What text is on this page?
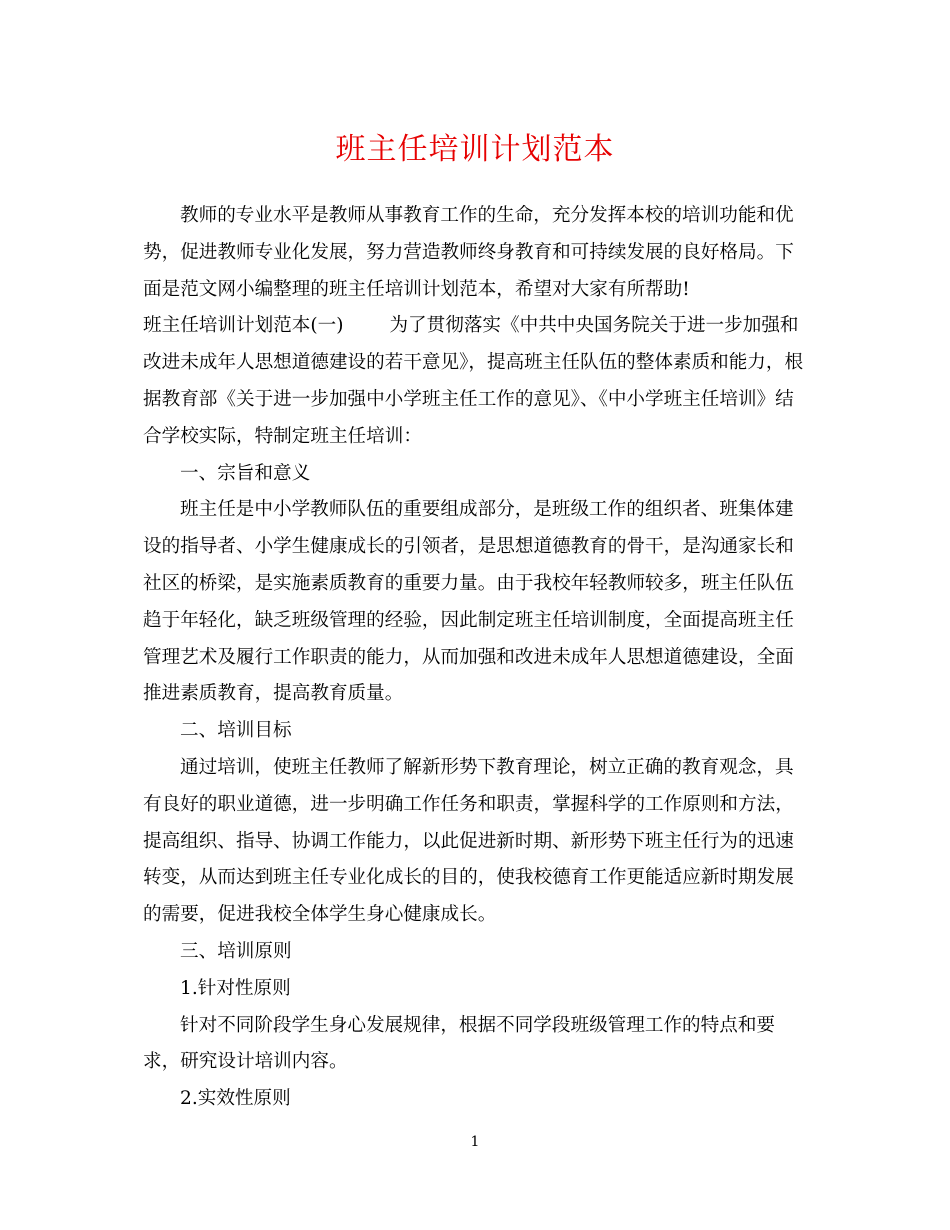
班主任培训计划范本

教师的专业水平是教师从事教育工作的生命，充分发挥本校的培训功能和优势，促进教师专业化发展，努力营造教师终身教育和可持续发展的良好格局。下面是范文网小编整理的班主任培训计划范本，希望对大家有所帮助!

班主任培训计划范本(一) 为了贯彻落实《中共中央国务院关于进一步加强和改进未成年人思想道德建设的若干意见》，提高班主任队伍的整体素质和能力，根据教育部《关于进一步加强中小学班主任工作的意见》、《中小学班主任培训》结合学校实际，特制定班主任培训：

一、宗旨和意义

班主任是中小学教师队伍的重要组成部分，是班级工作的组织者、班集体建设的指导者、小学生健康成长的引领者，是思想道德教育的骨干，是沟通家长和社区的桥梁，是实施素质教育的重要力量。由于我校年轻教师较多，班主任队伍趋于年轻化，缺乏班级管理的经验，因此制定班主任培训制度，全面提高班主任管理艺术及履行工作职责的能力，从而加强和改进未成年人思想道德建设，全面推进素质教育，提高教育质量。

二、培训目标

通过培训，使班主任教师了解新形势下教育理论，树立正确的教育观念，具有良好的职业道德，进一步明确工作任务和职责，掌握科学的工作原则和方法，提高组织、指导、协调工作能力，以此促进新时期、新形势下班主任行为的迅速转变，从而达到班主任专业化成长的目的，使我校德育工作更能适应新时期发展的需要，促进我校全体学生身心健康成长。

三、培训原则

1.针对性原则

针对不同阶段学生身心发展规律，根据不同学段班级管理工作的特点和要求，研究设计培训内容。

2.实效性原则

1
